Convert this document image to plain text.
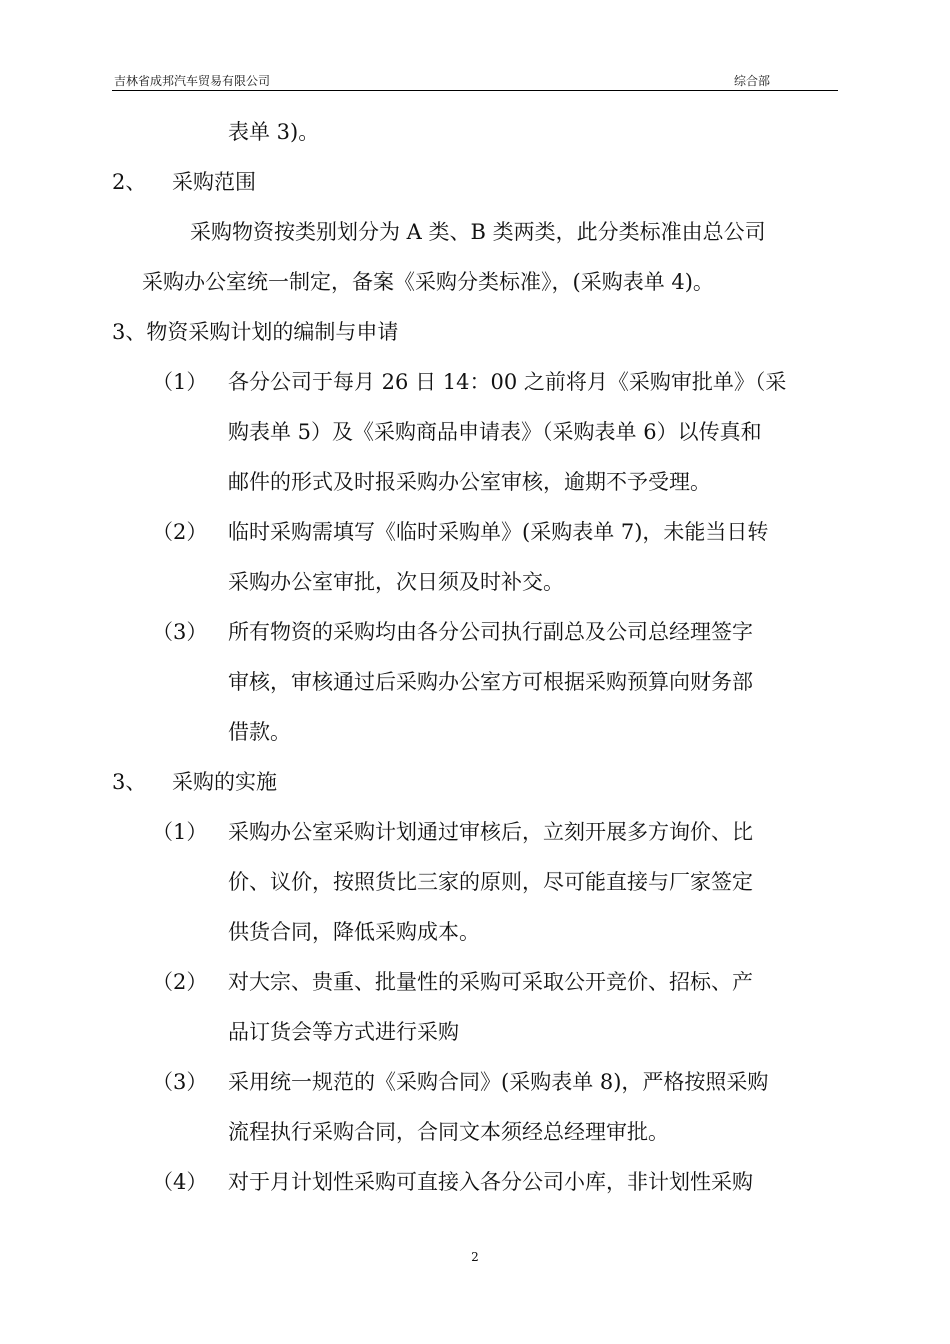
吉林省成邦汽车贸易有限公司	综合部
表单 3)。
2、 采购范围
采购物资按类别划分为 A 类、B 类两类，此分类标准由总公司
采购办公室统一制定，备案《采购分类标准》，(采购表单 4)。
3、物资采购计划的编制与申请
（1） 各分公司于每月 26 日 14：00 之前将月《采购审批单》（采
购表单 5）及《采购商品申请表》（采购表单 6）以传真和
邮件的形式及时报采购办公室审核，逾期不予受理。
（2） 临时采购需填写《临时采购单》(采购表单 7)，未能当日转
采购办公室审批，次日须及时补交。
（3） 所有物资的采购均由各分公司执行副总及公司总经理签字
审核，审核通过后采购办公室方可根据采购预算向财务部
借款。
3、 采购的实施
（1） 采购办公室采购计划通过审核后，立刻开展多方询价、比
价、议价，按照货比三家的原则，尽可能直接与厂家签定
供货合同，降低采购成本。
（2） 对大宗、贵重、批量性的采购可采取公开竞价、招标、产
品订货会等方式进行采购
（3） 采用统一规范的《采购合同》(采购表单 8)，严格按照采购
流程执行采购合同，合同文本须经总经理审批。
（4） 对于月计划性采购可直接入各分公司小库，非计划性采购
2
